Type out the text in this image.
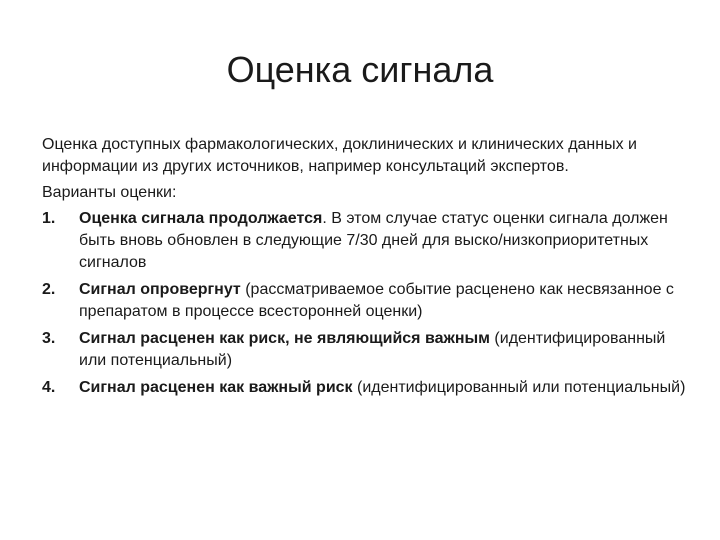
Оценка сигнала

Оценка доступных фармакологических, доклинических и клинических данных и информации из других источников, например консультаций экспертов.

Варианты оценки:

1. Оценка сигнала продолжается. В этом случае статус оценки сигнала должен быть вновь обновлен в следующие 7/30 дней для выско/низкоприоритетных сигналов
2. Сигнал опровергнут (рассматриваемое событие расценено как несвязанное с препаратом в процессе всесторонней оценки)
3. Сигнал расценен как риск, не являющийся важным (идентифицированный или потенциальный)
4. Сигнал расценен как важный риск (идентифицированный или потенциальный)
